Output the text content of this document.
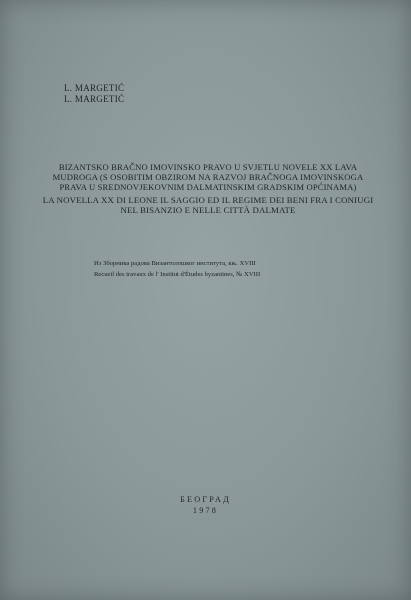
L. MARGETIĆ
L. MARGETIĆ

BIZANTSKO BRAČNO IMOVINSKO PRAVO U SVJETLU NOVELE XX LAVA MUDROGA (S OSOBITIM OBZIROM NA RAZVOJ BRAČNOGA IMOVINSKOGA PRAVA U SREDNOVJEKOVNIM DALMATINSKIM GRADSKIM OPĆINAMA)

LA NOVELLA XX DI LEONE IL SAGGIO ED IL REGIME DEI BENI FRA I CONIUGI NEL BISANZIO E NELLE CITTÀ DALMATE

Из Зборника радова Византолошког института, књ. XVIII
Recueil des travaux de l' Institut d'Études byzantines, № XVIII
БЕОГРАД
1978
